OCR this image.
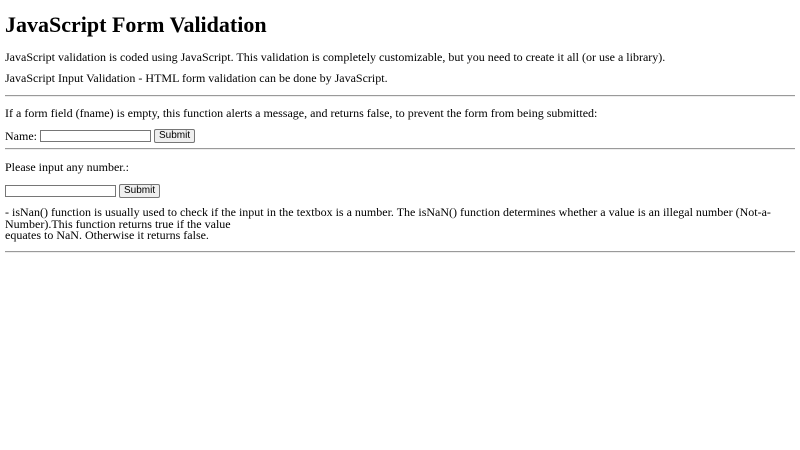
JavaScript Form Validation

JavaScript validation is coded using JavaScript. This validation is completely customizable, but you need to create it all (or use a library).

JavaScript Input Validation - HTML form validation can be done by JavaScript.

If a form field (fname) is empty, this function alerts a message, and returns false, to prevent the form from being submitted:

Name:	Submit

Please input any number.:

Submit
- isNan() function is usually used to check if the input in the textbox is a number. The isNaN() function determines whether a value is an illegal number (Not-a-Number).This function returns true if the value
equates to NaN. Otherwise it returns false.
